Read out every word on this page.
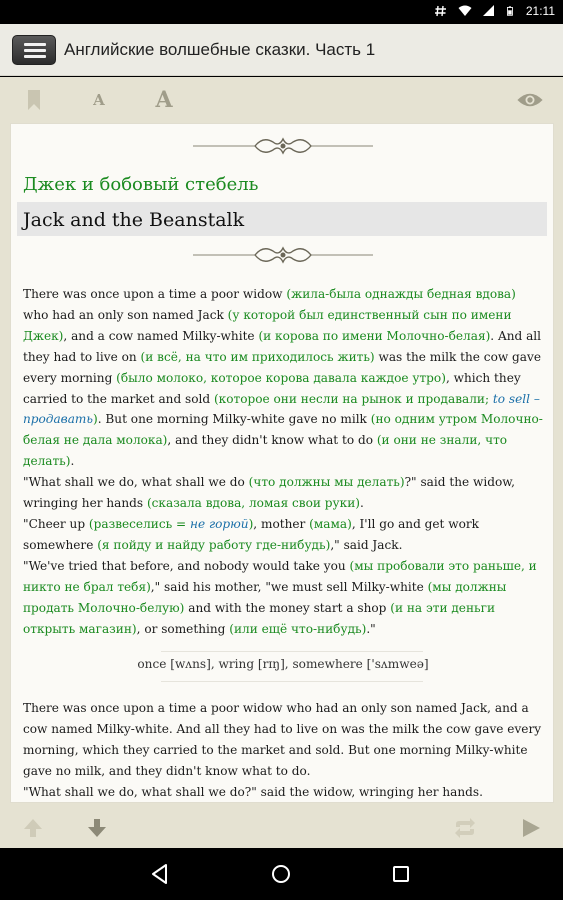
21:11
Английские волшебные сказки. Часть 1
A A
Джек и бобовый стебель
Jack and the Beanstalk
There was once upon a time a poor widow (жила-была однажды бедная вдова) who had an only son named Jack (у которой был единственный сын по имени Джек), and a cow named Milky-white (и корова по имени Молочно-белая). And all they had to live on (и всё, на что им приходилось жить) was the milk the cow gave every morning (было молоко, которое корова давала каждое утро), which they carried to the market and sold (которое они несли на рынок и продавали; to sell – продавать). But one morning Milky-white gave no milk (но одним утром Молочно-белая не дала молока), and they didn't know what to do (и они не знали, что делать).
"What shall we do, what shall we do (что должны мы делать)?" said the widow, wringing her hands (сказала вдова, ломая свои руки).
"Cheer up (развеселись = не горюй), mother (мама), I'll go and get work somewhere (я пойду и найду работу где-нибудь)," said Jack.
"We've tried that before, and nobody would take you (мы пробовали это раньше, и никто не брал тебя)," said his mother, "we must sell Milky-white (мы должны продать Молочно-белую) and with the money start a shop (и на эти деньги открыть магазин), or something (или ещё что-нибудь)."
once [wʌns], wring [rɪŋ], somewhere ['sʌmweə]
There was once upon a time a poor widow who had an only son named Jack, and a cow named Milky-white. And all they had to live on was the milk the cow gave every morning, which they carried to the market and sold. But one morning Milky-white gave no milk, and they didn't know what to do.
"What shall we do, what shall we do?" said the widow, wringing her hands.
